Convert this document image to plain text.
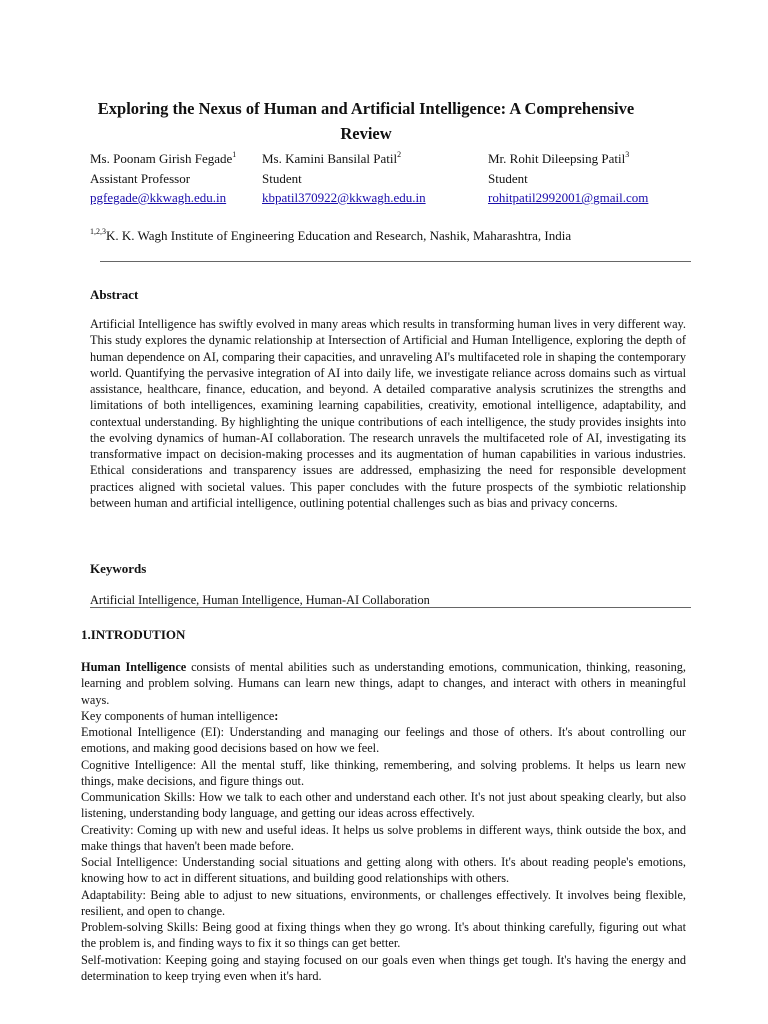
Exploring the Nexus of Human and Artificial Intelligence: A Comprehensive Review
Ms. Poonam Girish Fegade$^1$
Assistant Professor
pgfegade@kkwagh.edu.in
Ms. Kamini Bansilal Patil$^2$
Student
kbpatil370922@kkwagh.edu.in
Mr. Rohit Dileepsing Patil$^3$
Student
rohitpatil2992001@gmail.com
$^{1,2,3}$K. K. Wagh Institute of Engineering Education and Research, Nashik, Maharashtra, India
Abstract
Artificial Intelligence has swiftly evolved in many areas which results in transforming human lives in very different way. This study explores the dynamic relationship at Intersection of Artificial and Human Intelligence, exploring the depth of human dependence on AI, comparing their capacities, and unraveling AI's multifaceted role in shaping the contemporary world. Quantifying the pervasive integration of AI into daily life, we investigate reliance across domains such as virtual assistance, healthcare, finance, education, and beyond. A detailed comparative analysis scrutinizes the strengths and limitations of both intelligences, examining learning capabilities, creativity, emotional intelligence, adaptability, and contextual understanding. By highlighting the unique contributions of each intelligence, the study provides insights into the evolving dynamics of human-AI collaboration. The research unravels the multifaceted role of AI, investigating its transformative impact on decision-making processes and its augmentation of human capabilities in various industries. Ethical considerations and transparency issues are addressed, emphasizing the need for responsible development practices aligned with societal values. This paper concludes with the future prospects of the symbiotic relationship between human and artificial intelligence, outlining potential challenges such as bias and privacy concerns.
Keywords
Artificial Intelligence, Human Intelligence, Human-AI Collaboration
1.INTRODUTION

Human Intelligence consists of mental abilities such as understanding emotions, communication, thinking, reasoning, learning and problem solving. Humans can learn new things, adapt to changes, and interact with others in meaningful ways.

Key components of human intelligence:

Emotional Intelligence (EI): Understanding and managing our feelings and those of others. It's about controlling our emotions, and making good decisions based on how we feel.

Cognitive Intelligence: All the mental stuff, like thinking, remembering, and solving problems. It helps us learn new things, make decisions, and figure things out.

Communication Skills: How we talk to each other and understand each other. It's not just about speaking clearly, but also listening, understanding body language, and getting our ideas across effectively.

Creativity: Coming up with new and useful ideas. It helps us solve problems in different ways, think outside the box, and make things that haven't been made before.

Social Intelligence: Understanding social situations and getting along with others. It's about reading people's emotions, knowing how to act in different situations, and building good relationships with others.

Adaptability: Being able to adjust to new situations, environments, or challenges effectively. It involves being flexible, resilient, and open to change.

Problem-solving Skills: Being good at fixing things when they go wrong. It's about thinking carefully, figuring out what the problem is, and finding ways to fix it so things can get better.

Self-motivation: Keeping going and staying focused on our goals even when things get tough. It's having the energy and determination to keep trying even when it's hard.
